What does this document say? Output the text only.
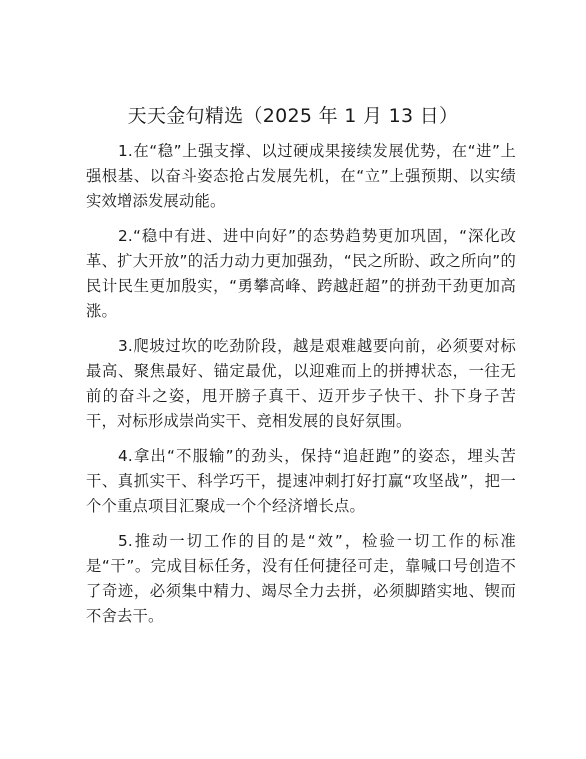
天天金句精选（2025 年 1 月 13 日）

1.在“稳”上强支撑、以过硬成果接续发展优势，在“进”上强根基、以奋斗姿态抢占发展先机，在“立”上强预期、以实绩实效增添发展动能。

2.“稳中有进、进中向好”的态势趋势更加巩固，“深化改革、扩大开放”的活力动力更加强劲，“民之所盼、政之所向”的民计民生更加殷实，“勇攀高峰、跨越赶超”的拼劲干劲更加高涨。

3.爬坡过坎的吃劲阶段，越是艰难越要向前，必须要对标最高、聚焦最好、锚定最优，以迎难而上的拼搏状态，一往无前的奋斗之姿，甩开膀子真干、迈开步子快干、扑下身子苦干，对标形成崇尚实干、竞相发展的良好氛围。

4.拿出“不服输”的劲头，保持“追赶跑”的姿态，埋头苦干、真抓实干、科学巧干，提速冲刺打好打赢“攻坚战”，把一个个重点项目汇聚成一个个经济增长点。

5.推动一切工作的目的是“效”，检验一切工作的标准是“干”。完成目标任务，没有任何捷径可走，靠喊口号创造不了奇迹，必须集中精力、竭尽全力去拼，必须脚踏实地、锲而不舍去干。
